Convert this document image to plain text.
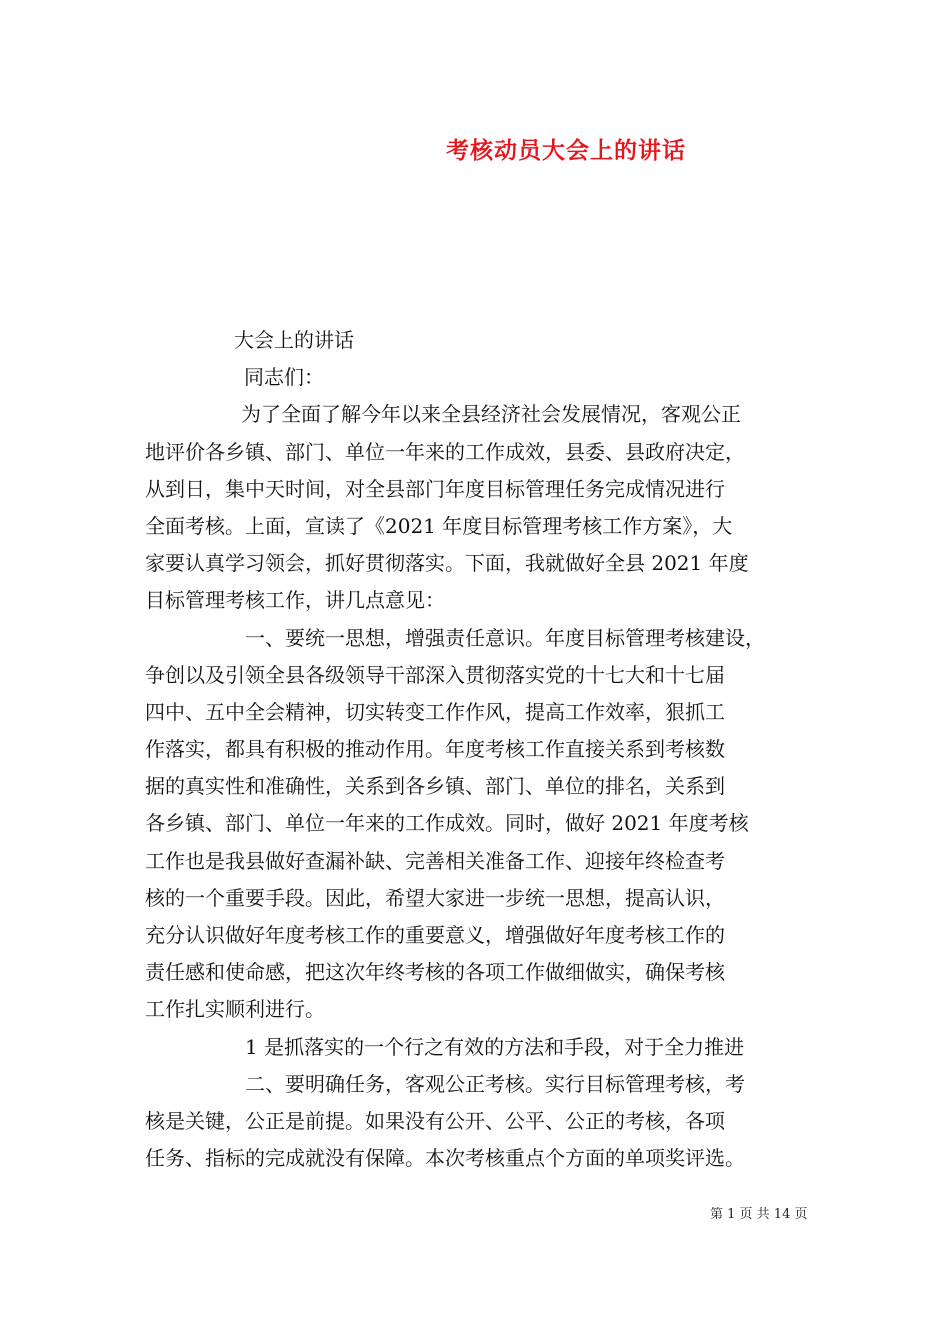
考核动员大会上的讲话
大会上的讲话
同志们：
为了全面了解今年以来全县经济社会发展情况，客观公正
地评价各乡镇、部门、单位一年来的工作成效，县委、县政府决定，
从到日，集中天时间，对全县部门年度目标管理任务完成情况进行
全面考核。上面，宣读了《2021 年度目标管理考核工作方案》，大
家要认真学习领会，抓好贯彻落实。下面，我就做好全县 2021 年度
目标管理考核工作，讲几点意见：
一、要统一思想，增强责任意识。年度目标管理考核建设，
争创以及引领全县各级领导干部深入贯彻落实党的十七大和十七届
四中、五中全会精神，切实转变工作作风，提高工作效率，狠抓工
作落实，都具有积极的推动作用。年度考核工作直接关系到考核数
据的真实性和准确性，关系到各乡镇、部门、单位的排名，关系到
各乡镇、部门、单位一年来的工作成效。同时，做好 2021 年度考核
工作也是我县做好查漏补缺、完善相关准备工作、迎接年终检查考
核的一个重要手段。因此，希望大家进一步统一思想，提高认识，
充分认识做好年度考核工作的重要意义，增强做好年度考核工作的
责任感和使命感，把这次年终考核的各项工作做细做实，确保考核
工作扎实顺利进行。
1 是抓落实的一个行之有效的方法和手段，对于全力推进
二、要明确任务，客观公正考核。实行目标管理考核，考
核是关键，公正是前提。如果没有公开、公平、公正的考核，各项
任务、指标的完成就没有保障。本次考核重点个方面的单项奖评选。
第 1 页 共 14 页
